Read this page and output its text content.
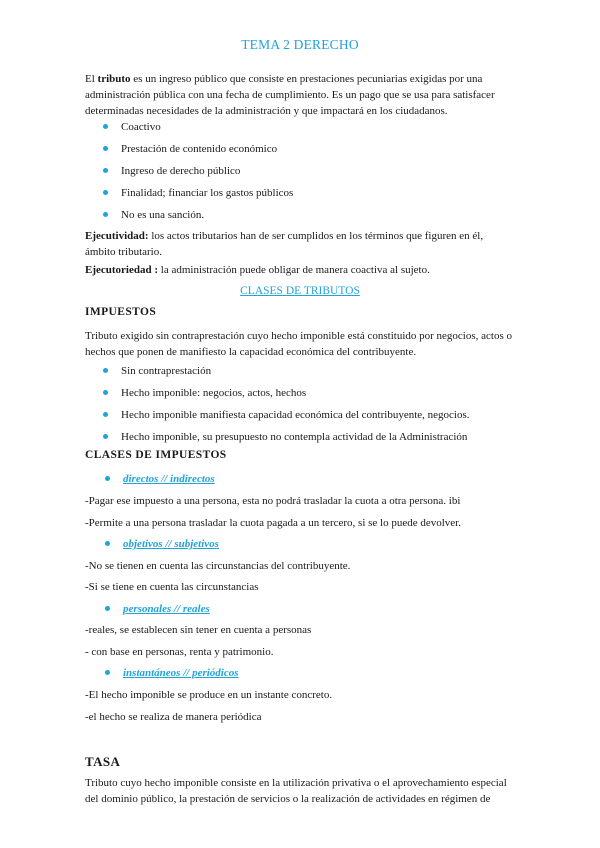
TEMA 2 DERECHO

El tributo es un ingreso público que consiste en prestaciones pecuniarias exigidas por una administración pública con una fecha de cumplimiento. Es un pago que se usa para satisfacer determinadas necesidades de la administración y que impactará en los ciudadanos.

Coactivo
Prestación de contenido económico
Ingreso de derecho público
Finalidad; financiar los gastos públicos
No es una sanción.

Ejecutividad: los actos tributarios han de ser cumplidos en los términos que figuren en él, ámbito tributario.

Ejecutoriedad : la administración puede obligar de manera coactiva al sujeto.

CLASES DE TRIBUTOS
IMPUESTOS

Tributo exigido sin contraprestación cuyo hecho imponible está constituido por negocios, actos o hechos que ponen de manifiesto la capacidad económica del contribuyente.

Sin contraprestación
Hecho imponible: negocios, actos, hechos
Hecho imponible manifiesta capacidad económica del contribuyente, negocios.
Hecho imponible, su presupuesto no contempla actividad de la Administración
CLASES DE IMPUESTOS
directos // indirectos
-Pagar ese impuesto a una persona, esta no podrá trasladar la cuota a otra persona. ibi
-Permite a una persona trasladar la cuota pagada a un tercero, si se lo puede devolver.
objetivos // subjetivos
-No se tienen en cuenta las circunstancias del contribuyente.
-Si se tiene en cuenta las circunstancias
personales // reales
-reales, se establecen sin tener en cuenta a personas
- con base en personas, renta y patrimonio.
instantáneos // periódicos
-El hecho imponible se produce en un instante concreto.
-el hecho se realiza de manera periódica
TASA

Tributo cuyo hecho imponible consiste en la utilización privativa o el aprovechamiento especial del dominio público, la prestación de servicios o la realización de actividades en régimen de
